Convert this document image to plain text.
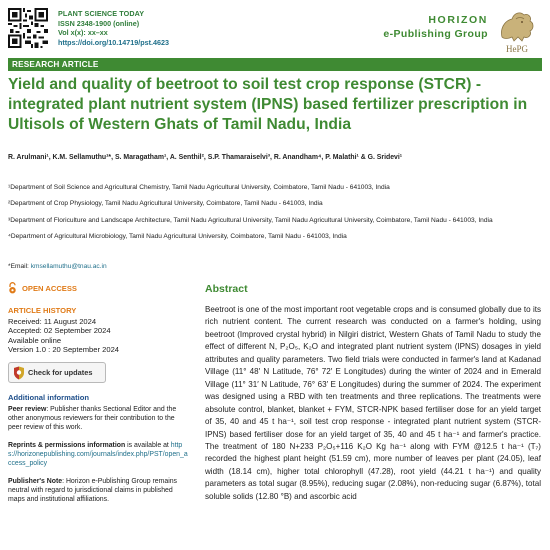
PLANT SCIENCE TODAY
ISSN 2348-1900 (online)
Vol x(x): xx–xx
https://doi.org/10.14719/pst.4623
HORIZON
e-Publishing Group
HePG
RESEARCH ARTICLE
Yield and quality of beetroot to soil test crop response (STCR) - integrated plant nutrient system (IPNS) based fertilizer prescription in Ultisols of Western Ghats of Tamil Nadu, India
R. Arulmani¹, K.M. Sellamuthu¹*, S. Maragatham¹, A. Senthil², S.P. Thamaraiselvi³, R. Anandham⁴, P. Malathi¹ & G. Sridevi¹

¹Department of Soil Science and Agricultural Chemistry, Tamil Nadu Agricultural University, Coimbatore, Tamil Nadu - 641003, India

²Department of Crop Physiology, Tamil Nadu Agricultural University, Coimbatore, Tamil Nadu - 641003, India

³Department of Floriculture and Landscape Architecture, Tamil Nadu Agricultural University, Tamil Nadu Agricultural University, Coimbatore, Tamil Nadu - 641003, India

⁴Department of Agricultural Microbiology, Tamil Nadu Agricultural University, Coimbatore, Tamil Nadu - 641003, India

*Email: kmsellamuthu@tnau.ac.in
OPEN ACCESS
ARTICLE HISTORY
Received: 11 August 2024
Accepted: 02 September 2024
Available online
Version 1.0 : 20 September 2024
Check for updates
Additional information
Peer review: Publisher thanks Sectional Editor and the other anonymous reviewers for their contribution to the peer review of this work.
Reprints & permissions information is available at https://horizonepublishing.com/journals/index.php/PST/open_access_policy
Publisher's Note: Horizon e-Publishing Group remains neutral with regard to jurisdictional claims in published maps and institutional affiliations.
Abstract

Beetroot is one of the most important root vegetable crops and is consumed globally due to its rich nutrient content. The current research was conducted on a farmer's holding, using beetroot (Improved crystal hybrid) in Nilgiri district, Western Ghats of Tamil Nadu to study the effect of different N, P₂O₅, K₂O and integrated plant nutrient system (IPNS) dosages in yield attributes and quality parameters. Two field trials were conducted in farmer's land at Kadanad Village (11° 48′ N Latitude, 76° 72′ E Longitudes) during the winter of 2024 and in Emerald Village (11° 31′ N Latitude, 76° 63′ E Longitudes) during the summer of 2024. The experiment was designed using a RBD with ten treatments and three replications. The treatments were absolute control, blanket, blanket + FYM, STCR-NPK based fertiliser dose for an yield target of 35, 40 and 45 t ha⁻¹, soil test crop response - integrated plant nutrient system (STCR-IPNS) based fertiliser dose for an yield target of 35, 40 and 45 t ha⁻¹ and farmer's practice. The treatment of 180 N+233 P₂O₅+116 K₂O Kg ha⁻¹ along with FYM @12.5 t ha⁻¹ (T₇) recorded the highest plant height (51.59 cm), more number of leaves per plant (24.05), leaf width (18.14 cm), higher total chlorophyll (47.28), root yield (44.21 t ha⁻¹) and quality parameters as total sugar (8.95%), reducing sugar (2.08%), non-reducing sugar (6.87%), total soluble solids (12.80 °B) and ascorbic acid
